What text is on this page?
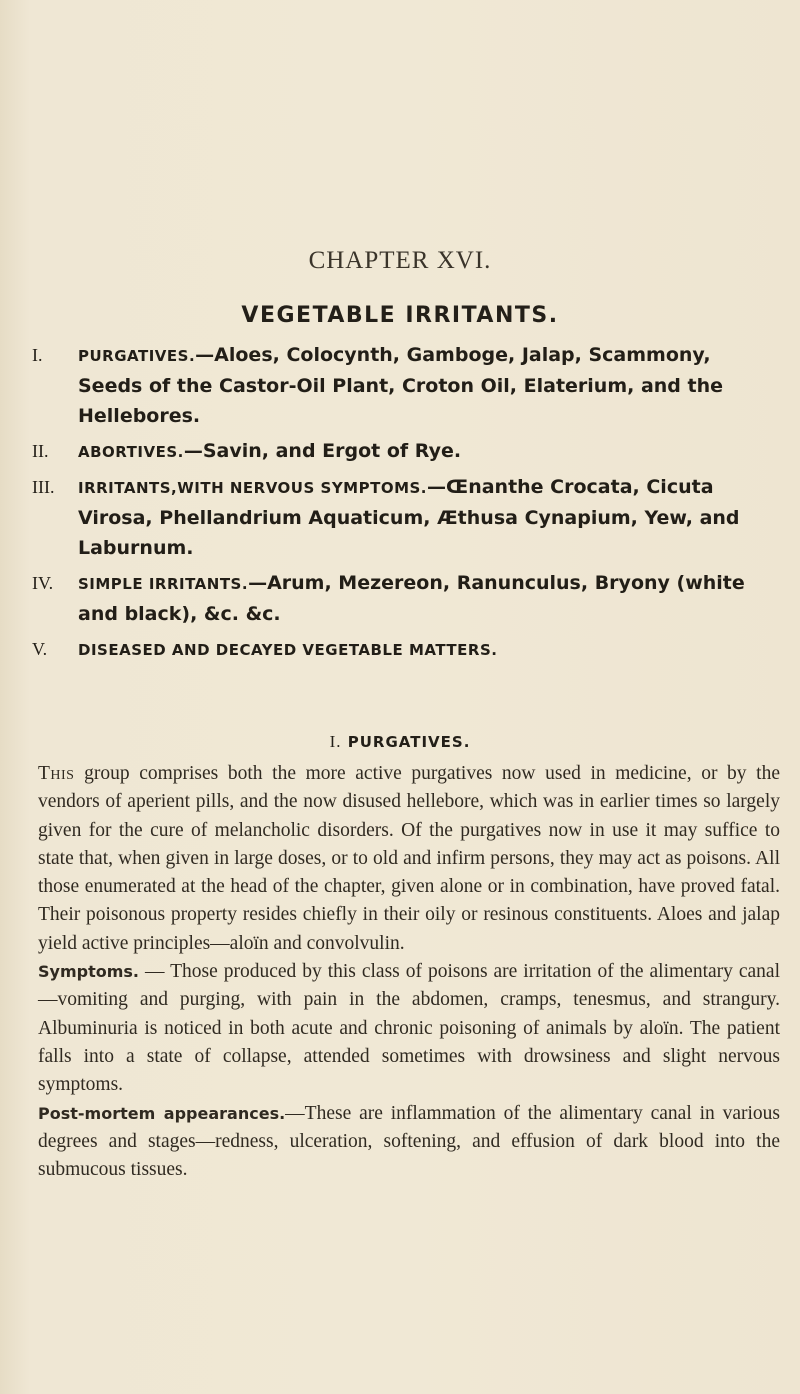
CHAPTER XVI.
VEGETABLE IRRITANTS.
I.	PURGATIVES.—Aloes, Colocynth, Gamboge, Jalap, Scammony, Seeds of the Castor-Oil Plant, Croton Oil, Elaterium, and the Hellebores.
II.	ABORTIVES.—Savin, and Ergot of Rye.
III.	IRRITANTS,WITH NERVOUS SYMPTOMS.—Œnanthe Crocata, Cicuta Virosa, Phellandrium Aquaticum, Æthusa Cynapium, Yew, and Laburnum.
IV.	SIMPLE IRRITANTS.—Arum, Mezereon, Ranunculus, Bryony (white and black), &c. &c.
V.	DISEASED AND DECAYED VEGETABLE MATTERS.
I. PURGATIVES.

This group comprises both the more active purgatives now used in medicine, or by the vendors of aperient pills, and the now disused hellebore, which was in earlier times so largely given for the cure of melancholic disorders. Of the purgatives now in use it may suffice to state that, when given in large doses, or to old and infirm persons, they may act as poisons. All those enumerated at the head of the chapter, given alone or in combination, have proved fatal. Their poisonous property resides chiefly in their oily or resinous constituents. Aloes and jalap yield active principles—aloïn and convolvulin.

Symptoms. — Those produced by this class of poisons are irritation of the alimentary canal—vomiting and purging, with pain in the abdomen, cramps, tenesmus, and strangury. Albuminuria is noticed in both acute and chronic poisoning of animals by aloïn. The patient falls into a state of collapse, attended sometimes with drowsiness and slight nervous symptoms.

Post-mortem appearances.—These are inflammation of the alimentary canal in various degrees and stages—redness, ulceration, softening, and effusion of dark blood into the submucous tissues.
